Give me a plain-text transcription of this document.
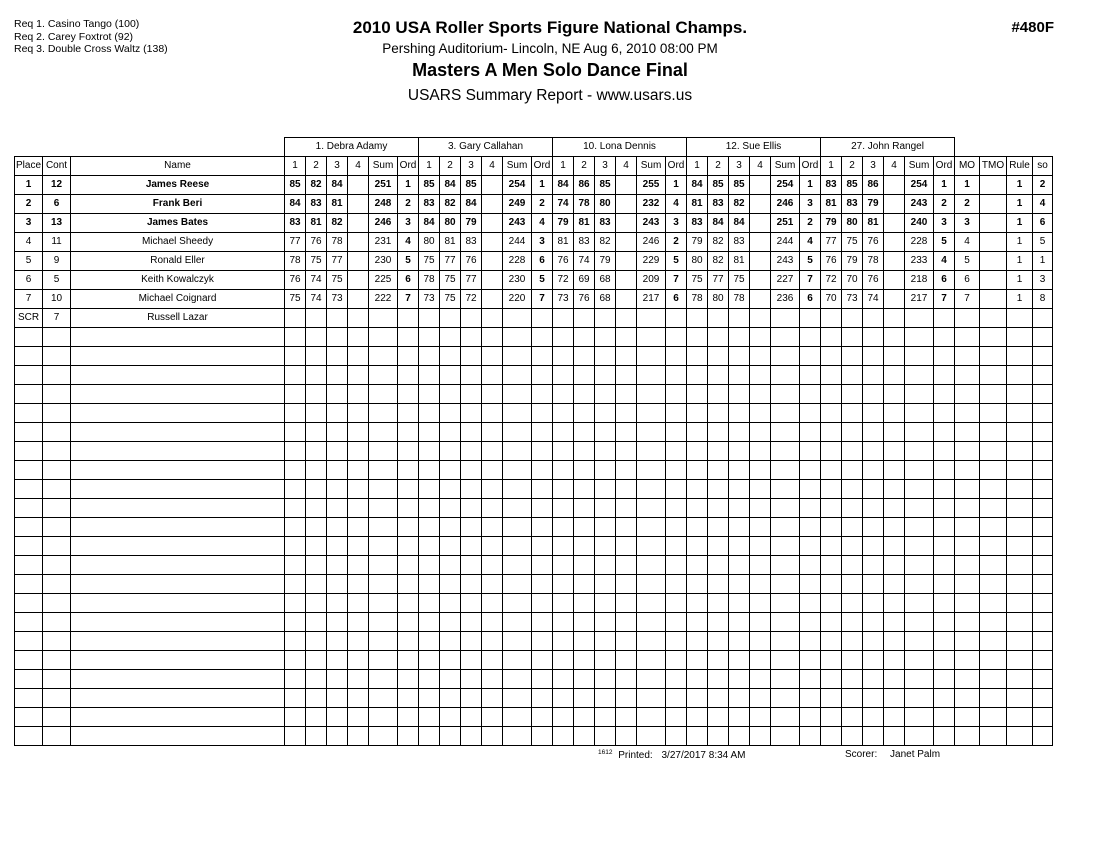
Req 1. Casino Tango (100)
Req 2. Carey Foxtrot (92)
Req 3. Double Cross Waltz (138)
2010 USA Roller Sports Figure National Champs.
Pershing Auditorium- Lincoln, NE Aug 6, 2010 08:00 PM
Masters A Men Solo Dance Final
USARS Summary Report - www.usars.us
#480F
			1. Debra Adamy						3. Gary Callahan						10. Lona Dennis						12. Sue Ellis						27. John Rangel									
Place	Cont	Name	1	2	3	4	Sum	Ord	1	2	3	4	Sum	Ord	1	2	3	4	Sum	Ord	1	2	3	4	Sum	Ord	1	2	3	4	Sum	Ord	MO	TMO	Rule	so
1	12	James Reese	85	82	84		251	1	85	84	85		254	1	84	86	85		255	1	84	85	85		254	1	83	85	86		254	1	1		1	2
2	6	Frank Beri	84	83	81		248	2	83	82	84		249	2	74	78	80		232	4	81	83	82		246	3	81	83	79		243	2	2		1	4
3	13	James Bates	83	81	82		246	3	84	80	79		243	4	79	81	83		243	3	83	84	84		251	2	79	80	81		240	3	3		1	6
4	11	Michael Sheedy	77	76	78		231	4	80	81	83		244	3	81	83	82		246	2	79	82	83		244	4	77	75	76		228	5	4		1	5
5	9	Ronald Eller	78	75	77		230	5	75	77	76		228	6	76	74	79		229	5	80	82	81		243	5	76	79	78		233	4	5		1	1
6	5	Keith Kowalczyk	76	74	75		225	6	78	75	77		230	5	72	69	68		209	7	75	77	75		227	7	72	70	76		218	6	6		1	3
7	10	Michael Coignard	75	74	73		222	7	73	75	72		220	7	73	76	68		217	6	78	80	78		236	6	70	73	74		217	7	7		1	8
SCR	7	Russell Lazar																																		

$^{1612}$ Printed: 3/27/2017 8:34 AM	Scorer: Janet Palm
